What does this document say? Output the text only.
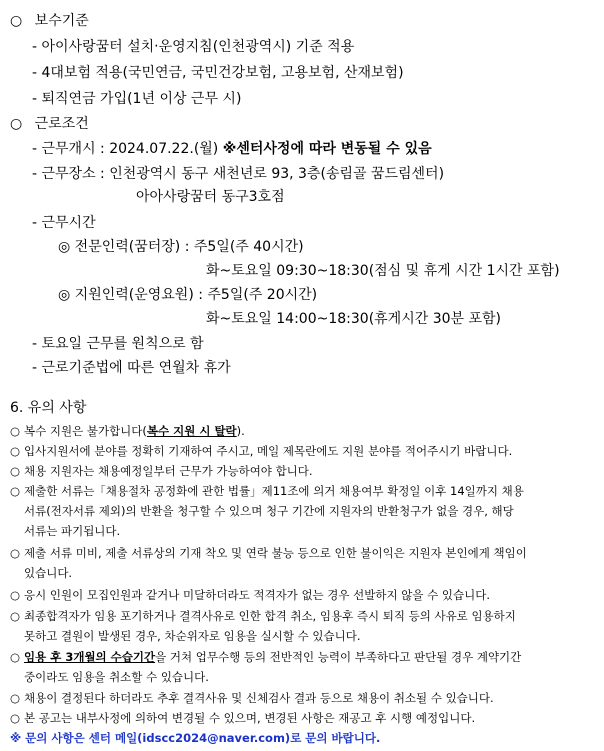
○ 보수기준
- 아이사랑꿈터 설치‧운영지침(인천광역시) 기준 적용
- 4대보험 적용(국민연금, 국민건강보험, 고용보험, 산재보험)
- 퇴직연금 가입(1년 이상 근무 시)
○ 근로조건
- 근무개시 : 2024.07.22.(월) ※센터사정에 따라 변동될 수 있음
- 근무장소 : 인천광역시 동구 새천년로 93, 3층(송림골 꿈드림센터)
아아사랑꿈터 동구3호점
- 근무시간
◎ 전문인력(꿈터장) : 주5일(주 40시간)
화~토요일 09:30~18:30(점심 및 휴게 시간 1시간 포함)
◎ 지원인력(운영요원) : 주5일(주 20시간)
화~토요일 14:00~18:30(휴게시간 30분 포함)
- 토요일 근무를 원칙으로 함
- 근로기준법에 따른 연월차 휴가
6. 유의 사항
○ 복수 지원은 불가합니다(복수 지원 시 탈락).
○ 입사지원서에 분야를 정확히 기재하여 주시고, 메일 제목란에도 지원 분야를 적어주시기 바랍니다.
○ 채용 지원자는 채용예정일부터 근무가 가능하여야 합니다.
○ 제출한 서류는「채용절차 공정화에 관한 법률」제11조에 의거 채용여부 확정일 이후 14일까지 채용
서류(전자서류 제외)의 반환을 청구할 수 있으며 청구 기간에 지원자의 반환청구가 없을 경우, 해당
서류는 파기됩니다.
○ 제출 서류 미비, 제출 서류상의 기재 착오 및 연락 불능 등으로 인한 불이익은 지원자 본인에게 책임이
있습니다.
○ 응시 인원이 모집인원과 같거나 미달하더라도 적격자가 없는 경우 선발하지 않을 수 있습니다.
○ 최종합격자가 임용 포기하거나 결격사유로 인한 합격 취소, 임용후 즉시 퇴직 등의 사유로 임용하지
못하고 결원이 발생된 경우, 차순위자로 임용을 실시할 수 있습니다.
○ 임용 후 3개월의 수습기간을 거쳐 업무수행 등의 전반적인 능력이 부족하다고 판단될 경우 계약기간
중이라도 임용을 취소할 수 있습니다.
○ 채용이 결정된다 하더라도 추후 결격사유 및 신체검사 결과 등으로 채용이 취소될 수 있습니다.
○ 본 공고는 내부사정에 의하여 변경될 수 있으며, 변경된 사항은 재공고 후 시행 예정입니다.
※ 문의 사항은 센터 메일(idscc2024@naver.com)로 문의 바랍니다.
